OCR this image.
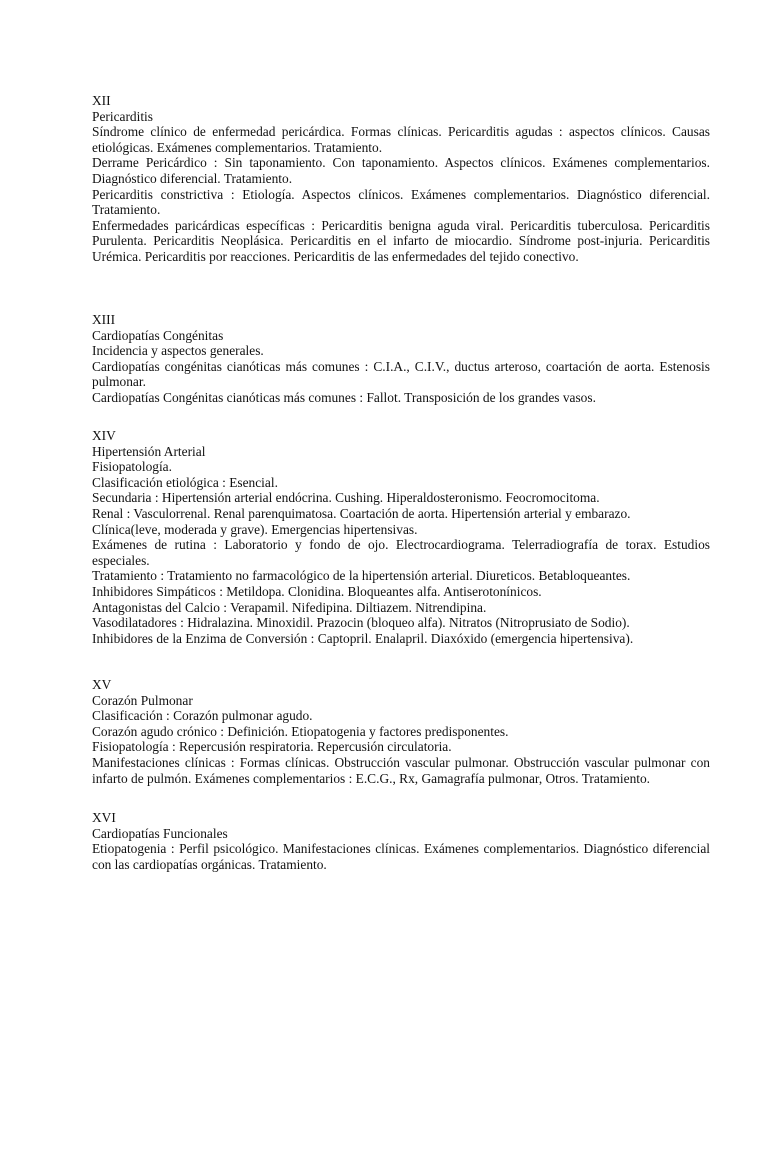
XII

Pericarditis

Síndrome clínico de enfermedad pericárdica. Formas clínicas. Pericarditis agudas : aspectos clínicos. Causas etiológicas. Exámenes complementarios. Tratamiento.

Derrame Pericárdico : Sin taponamiento. Con taponamiento. Aspectos clínicos. Exámenes complementarios. Diagnóstico diferencial. Tratamiento.

Pericarditis constrictiva : Etiología. Aspectos clínicos. Exámenes complementarios. Diagnóstico diferencial. Tratamiento.

Enfermedades paricárdicas específicas : Pericarditis benigna aguda viral. Pericarditis tuberculosa. Pericarditis Purulenta. Pericarditis Neoplásica. Pericarditis en el infarto de miocardio. Síndrome post-injuria. Pericarditis Urémica. Pericarditis por reacciones. Pericarditis de las enfermedades del tejido conectivo.

XIII

Cardiopatías Congénitas

Incidencia y aspectos generales.

Cardiopatías congénitas cianóticas más comunes : C.I.A., C.I.V., ductus arteroso, coartación de aorta. Estenosis pulmonar.

Cardiopatías Congénitas cianóticas más comunes : Fallot. Transposición de los grandes vasos.

XIV

Hipertensión Arterial

Fisiopatología.

Clasificación etiológica : Esencial.

Secundaria : Hipertensión arterial endócrina. Cushing. Hiperaldosteronismo. Feocromocitoma.

Renal : Vasculorrenal. Renal parenquimatosa. Coartación de aorta. Hipertensión arterial y embarazo.

Clínica(leve, moderada y grave). Emergencias hipertensivas.

Exámenes de rutina : Laboratorio y fondo de ojo. Electrocardiograma. Telerradiografía de torax. Estudios especiales.

Tratamiento : Tratamiento no farmacológico de la hipertensión arterial. Diureticos. Betabloqueantes.

Inhibidores Simpáticos : Metildopa. Clonidina. Bloqueantes alfa. Antiserotonínicos.

Antagonistas del Calcio : Verapamil. Nifedipina. Diltiazem. Nitrendipina.

Vasodilatadores : Hidralazina. Minoxidil. Prazocin (bloqueo alfa). Nitratos (Nitroprusiato de Sodio).

Inhibidores de la Enzima de Conversión : Captopril. Enalapril. Diaxóxido (emergencia hipertensiva).

XV

Corazón Pulmonar

Clasificación : Corazón pulmonar agudo.

Corazón agudo crónico : Definición. Etiopatogenia y factores predisponentes.

Fisiopatología : Repercusión respiratoria. Repercusión circulatoria.

Manifestaciones clínicas : Formas clínicas. Obstrucción vascular pulmonar. Obstrucción vascular pulmonar con infarto de pulmón. Exámenes complementarios : E.C.G., Rx, Gamagrafía pulmonar, Otros. Tratamiento.

XVI

Cardiopatías Funcionales

Etiopatogenia : Perfil psicológico. Manifestaciones clínicas. Exámenes complementarios. Diagnóstico diferencial con las cardiopatías orgánicas. Tratamiento.
